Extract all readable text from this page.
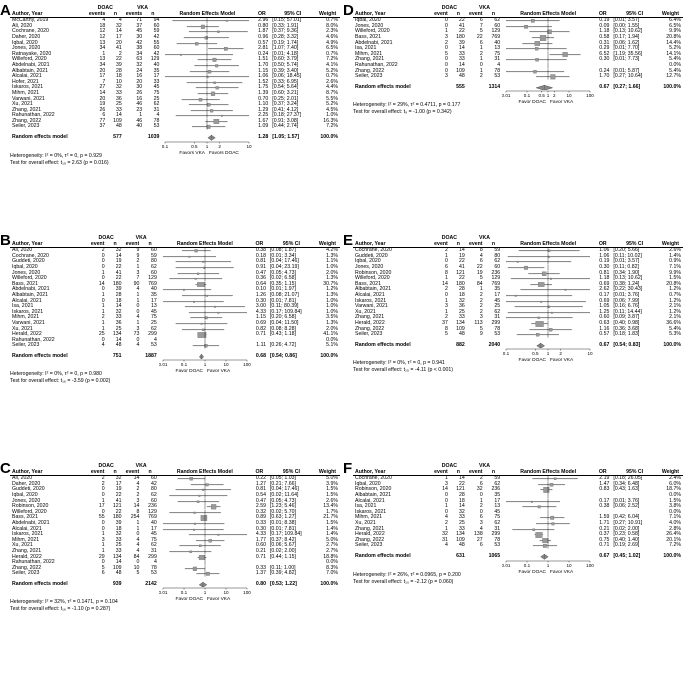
A
		DOAC		VKA					
Author, Year	events	n	events	n	Random Effects Model	OR	95% CI	Weight
McCarthy, 2019	4	4	71	94		2.96	[0.15; 57.01]	0.7%
Ali, 2020	18	32	37	60		0.80	[0.33; 1.91]	8.0%
Cochrane, 2020	12	14	45	59		1.87	[0.37; 9.36]	2.3%
Daher, 2020	12	17	30	42		0.96	[0.28; 3.32]	4.6%
Iqbal, 2020	13	20	42	55		0.57	[0.19; 1.74]	4.9%
Jones, 2020	34	41	38	60		2.81	[1.07; 7.40]	6.5%
Ratnayake, 2020	1	2	34	42		0.24	[0.01; 4.18]	0.7%
Willeford, 2020	13	22	63	129		1.51	[0.60; 3.79]	7.2%
Abdelnabi, 2021	34	39	32	40		1.70	[0.50; 5.74]	4.1%
Albabtain, 2021	20	28	24	35		1.15	[0.39; 3.40]	5.2%
Alcalai, 2021	17	18	16	17		1.06	[0.06; 18.45]	0.7%
Hofer, 2021	7	10	20	33		1.52	[0.33; 6.95]	2.6%
Iskaros, 2021	27	32	30	45		1.75	[0.54; 5.64]	4.4%
Mihm, 2021	14	33	26	75		1.39	[0.60; 3.21]	8.7%
Varwani, 2021	20	36	16	25		0.70	[0.25; 2.01]	5.5%
Xu, 2021	19	25	46	62		1.10	[0.37; 3.24]	5.2%
Zhang, 2021	26	33	23	31		1.29	[0.41; 4.12]	4.5%
Rahunathan, 2022	6	14	1	4		2.25	[0.18; 27.37]	1.0%
Zhang, 2022	77	109	46	78		1.67	[0.91; 3.08]	16.3%
Seiler, 2023	37	48	40	53		1.09	[0.44; 2.74]	7.2%

Random effects model		577		1039		1.28	[1.05; 1.57]	100.0%

0.1	0.5 1 2	10
Favors VKA Favors DOAC

Heterogeneity: I² = 0%, τ² = 0, p = 0.929
Test for overall effect: t₁₉ = 2.63 (p = 0.016)
B
		DOAC		VKA					
Author, Year	event	n	event	n	Random Effects Model	OR	95% CI	Weight
Ali, 2020	2	32	9	60		0.38	[0.08; 1.87]	4.2%
Cochrane, 2020	0	14	9	59		0.18	[0.01; 3.34]	1.3%
Guddeti, 2020	0	19	2	80		0.81	[0.04; 17.46]	1.1%
Iqbal, 2020	0	22	1	62		0.91	[0.04; 23.19]	1.0%
Jones, 2020	1	41	3	60		0.47	[0.05; 4.73]	2.0%
Willeford, 2020	0	22	7	129		0.36	[0.02; 6.58]	1.3%
Bass, 2021	14	180	90	769		0.64	[0.35; 1.15]	30.7%
Abdelnabi, 2021	0	39	4	40		0.10	[0.01; 1.97]	1.2%
Albabtain, 2021	1	28	1	35		1.26	[0.08; 21.07]	1.3%
Alcalai, 2021	0	18	1	17		0.30	[0.01; 7.81]	1.0%
Isa, 2021	1	14	0	13		3.00	[0.11; 80.39]	1.0%
Iskaros, 2021	1	32	0	45		4.33	[0.17; 109.84]	1.0%
Mihm, 2021	2	33	4	75		1.15	[0.20; 6.58]	3.5%
Varwani, 2021	1	36	1	25		0.69	[0.04; 11.50]	1.3%
Xu, 2021	1	25	3	62		0.82	[0.08; 8.28]	2.0%
Herald, 2022	25	134	73	299		0.71	[0.43; 1.18]	41.1%
Rahunathan, 2022	0	14	0	4				0.0%
Seiler, 2023	4	48	4	53		1.11	[0.26; 4.72]	5.1%

Random effects model		751		1887		0.68	[0.54; 0.86]	100.0%

0.01	0.1	1	10	100
Favor DOAC Favor VKA

Heterogeneity: I² = 0%, τ² = 0, p = 0.980
Test for overall effect: t₁₆ = -3.59 (p = 0.002)
C
		DOAC		VKA					
Author, Year	event	n	event	n	Random Effects Model	OR	95% CI	Weight
Ali, 2020	2	32	14	60		0.22	[0.05; 1.03]	5.0%
Daher, 2020	2	17	4	42		1.27	[0.21; 7.66]	3.9%
Guddeti, 2020	0	19	2	80		0.81	[0.04; 17.46]	1.5%
Iqbal, 2020	0	22	2	62		0.54	[0.02; 11.64]	1.5%
Jones, 2020	1	41	3	60		0.47	[0.05; 4.73]	2.6%
Robinson, 2020	17	121	14	236		2.59	[1.23; 5.46]	13.4%
Willeford, 2020	0	22	8	129		0.32	[0.02; 5.70]	1.7%
Bass, 2021	55	180	254	769		0.89	[0.63; 1.27]	21.7%
Abdelnabi, 2021	0	39	1	40		0.33	[0.01; 8.38]	1.5%
Alcalai, 2021	0	18	1	17		0.30	[0.01; 7.81]	1.4%
Iskaros, 2021	1	32	0	45		4.33	[0.17; 109.84]	1.4%
Mihm, 2021	3	33	4	75		1.77	[0.37; 8.42]	5.0%
Xu, 2021	1	25	4	62		0.60	[0.06; 5.67]	2.7%
Zhang, 2021	1	33	4	31		0.21	[0.02; 2.00]	2.7%
Herald, 2022	29	134	84	299		0.71	[0.44; 1.15]	18.8%
Rahunathan, 2022	0	14	0	4				0.0%
Zhang, 2022	5	109	10	78		0.33	[0.11; 1.00]	8.3%
Seiler, 2023	6	48	5	53		1.37	[0.39; 4.82]	7.0%

Random effects model		939		2142		0.80	[0.53; 1.22]	100.0%

0.01	0.1	1	10	100
Favor DOAC Favor VKA

Heterogeneity: I² = 32%, τ² = 0.1471, p = 0.104
Test for overall effect: t₁₆ = -1.10 (p = 0.287)
D
		DOAC		VKA					
Author, Year	event	n	event	n	Random Effects Model	OR	95% CI	Weight
Iqbal, 2020	0	22	6	62		0.19	[0.01; 3.57]	6.4%
Jones, 2020	0	41	7	60		0.09	[0.00; 1.55]	6.5%
Willeford, 2020	1	22	5	129		1.18	[0.13; 10.62]	9.9%
Bass, 2021	3	180	22	769		0.58	[0.17; 1.94]	20.8%
Abdelnabi, 2021	2	39	6	40		0.31	[0.06; 1.62]	14.4%
Isa, 2021	0	14	1	13		0.29	[0.01; 7.70]	5.2%
Mihm, 2021	5	33	2	75		6.52	[1.19; 35.56]	14.1%
Zhang, 2021	0	33	1	31		0.30	[0.01; 7.73]	5.4%
Rahunathan, 2022	0	14	0	4				0.0%
Zhang, 2022	0	109	1	78		0.24	[0.01; 5.87]	5.4%
Seiler, 2023	3	48	2	53		1.70	[0.27; 10.64]	12.7%

Random effects model		555		1314		0.67	[0.27; 1.66]	100.0%

0.01	0.1 0.5 1 2 10	100
Favor DOAC Favor VKA

Heterogeneity: I² = 29%, τ² = 0.4711, p = 0.177
Test for overall effect: t₉ = -1.00 (p = 0.342)
E
		DOAC		VKA					
Author, Year	event	n	event	n	Random Effects Model	OR	95% CI	Weight
Cochrane, 2020	2	14	8	59		1.06	[0.20; 5.66]	2.6%
Guddeti, 2020	1	19	4	80		1.06	[0.11; 10.02]	1.4%
Iqbal, 2020	0	22	6	62		0.19	[0.01; 3.57]	0.9%
Jones, 2020	6	41	22	60		0.30	[0.11; 0.82]	7.1%
Robinson, 2020	8	121	19	236		0.81	[0.34; 1.90]	9.9%
Willeford, 2020	1	22	5	129		1.18	[0.13; 10.62]	1.5%
Bass, 2021	14	180	84	769		0.69	[0.38; 1.24]	20.8%
Albabtain, 2021	2	28	1	35		2.62	[0.22; 30.43]	1.2%
Alcalai, 2021	0	18	2	17		0.17	[0.01; 3.76]	0.7%
Iskaros, 2021	1	32	2	45		0.69	[0.06; 7.99]	1.2%
Varwani, 2021	3	36	2	25		1.05	[0.16; 6.76]	2.1%
Xu, 2021	1	25	2	62		1.25	[0.11; 14.44]	1.2%
Zhang, 2021	2	33	3	31		0.60	[0.09; 3.87]	2.1%
Herald, 2022	37	134	113	299		0.63	[0.40; 0.98]	36.6%
Zhang, 2022	8	109	5	78		1.16	[0.36; 3.68]	5.4%
Seiler, 2023	5	48	9	53		0.57	[0.18; 1.83]	5.3%

Random effects model		882		2040		0.67	[0.54; 0.83]	100.0%

0.1	0.5 1 2	10
Favor DOAC Favor VKA

Heterogeneity: I² = 0%, τ² = 0, p = 0.941
Test for overall effect: t₁₅ = -4.11 (p < 0.001)
F
		DOAC		VKA					
Author, Year	event	n	event	n	Random Effects Model	OR	95% CI	Weight
Cochrane, 2020	1	14	2	59		2.19	[0.18; 26.05]	2.4%
Iqbal, 2020	3	22	6	62		1.47	[0.34; 6.48]	6.0%
Robinson, 2020	14	121	32	236		0.83	[0.43; 1.63]	18.7%
Albabtain, 2021	0	28	0	35				0.0%
Alcalai, 2021	0	18	1	17		0.17	[0.01; 3.76]	1.5%
Isa, 2021	1	14	2	13		0.38	[0.06; 2.52]	3.8%
Iskaros, 2021	0	32	0	45				0.0%
Mihm, 2021	4	33	6	75		1.59	[0.42; 6.04]	7.1%
Xu, 2021	2	25	3	62		1.71	[0.27; 10.91]	4.0%
Zhang, 2021	1	33	4	31		0.21	[0.02; 2.00]	2.8%
Herald, 2022	32	134	138	299		0.37	[0.23; 0.58]	26.4%
Zhang, 2022	31	109	27	78		0.75	[0.40; 1.40]	20.1%
Seiler, 2023	4	48	6	53		0.71	[0.19; 2.69]	7.2%

Random effects model		631		1065		0.67	[0.45; 1.02]	100.0%

0.01	0.1	1	10	100
Favor DOAC Favor VKA

Heterogeneity: I² = 26%, τ² = 0.0965, p = 0.200
Test for overall effect: t₁₀ = -2.12 (p = 0.060)
